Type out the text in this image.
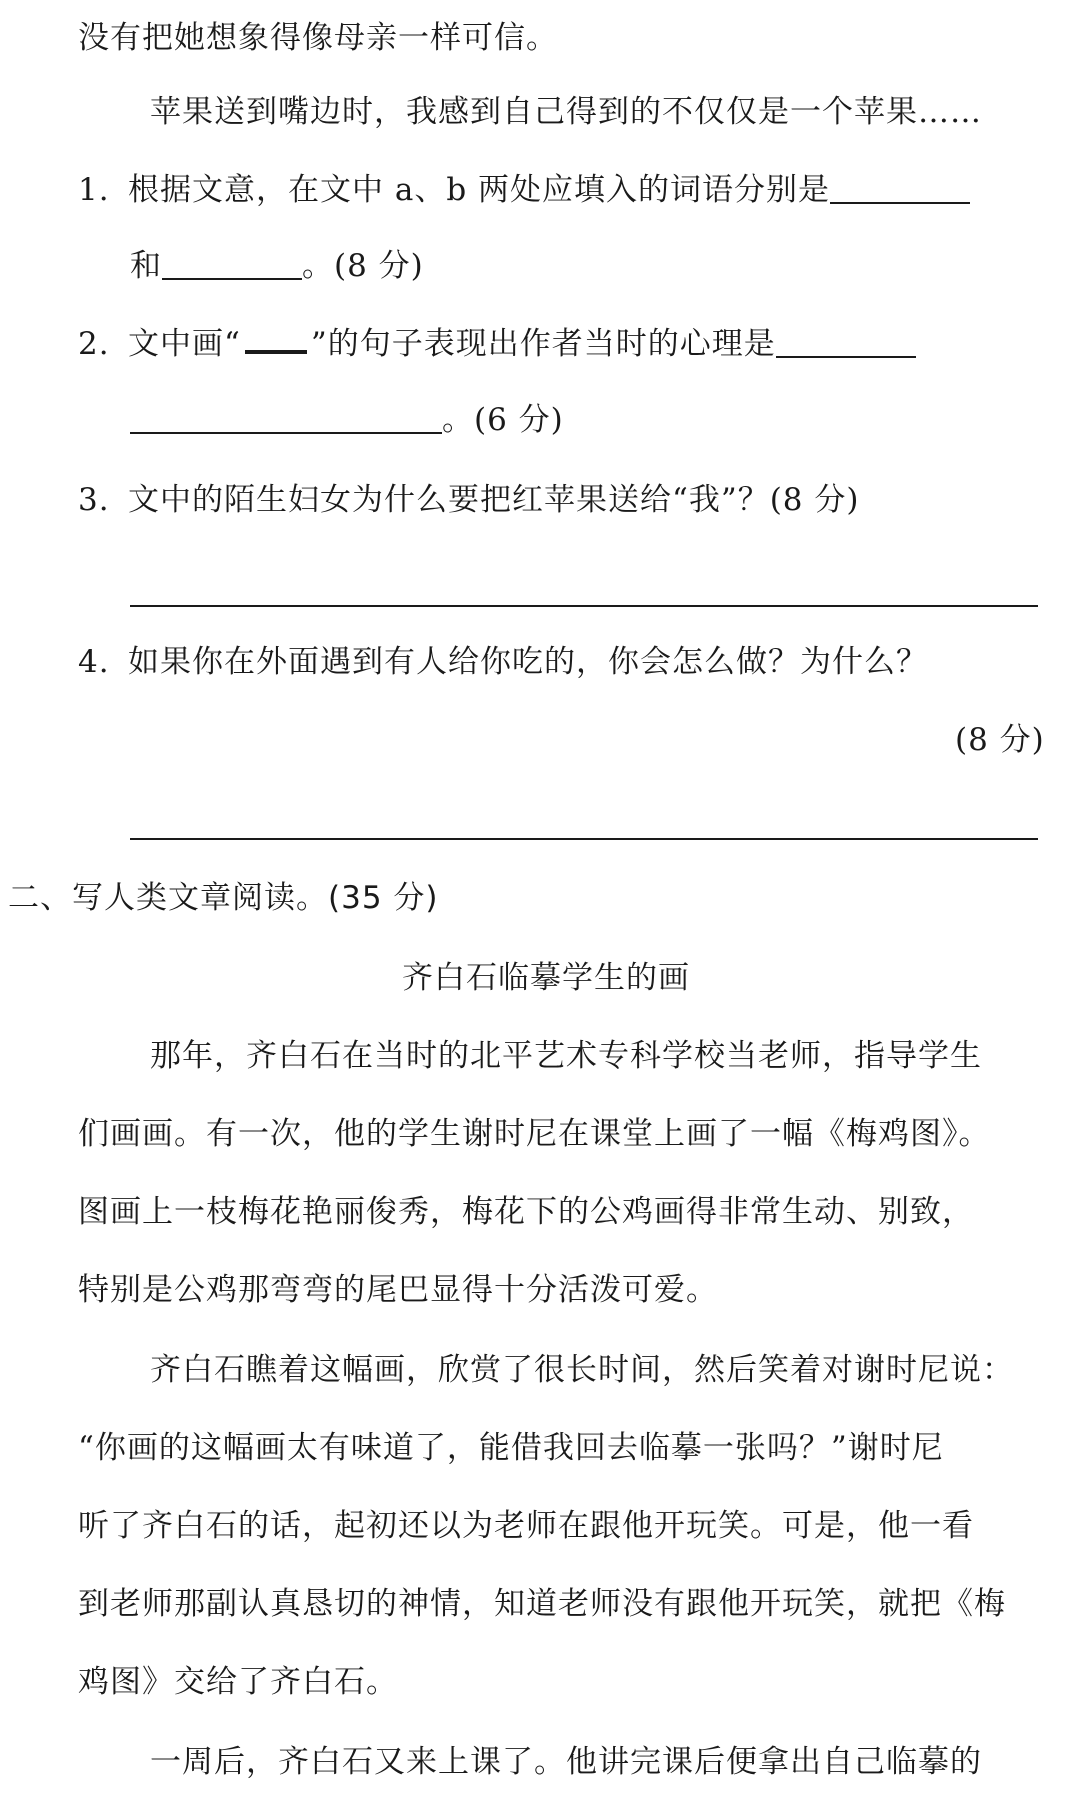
没有把她想象得像母亲一样可信。
苹果送到嘴边时，我感到自己得到的不仅仅是一个苹果……
1. 根据文意，在文中 a、b 两处应填入的词语分别是
和	。(8 分)
2. 文中画“ ”的句子表现出作者当时的心理是
。(6 分)
3. 文中的陌生妇女为什么要把红苹果送给“我”？(8 分)
4. 如果你在外面遇到有人给你吃的，你会怎么做？为什么？
(8 分)
二、写人类文章阅读。(35 分)
齐白石临摹学生的画
那年，齐白石在当时的北平艺术专科学校当老师，指导学生
们画画。有一次，他的学生谢时尼在课堂上画了一幅《梅鸡图》。
图画上一枝梅花艳丽俊秀，梅花下的公鸡画得非常生动、别致，
特别是公鸡那弯弯的尾巴显得十分活泼可爱。
齐白石瞧着这幅画，欣赏了很长时间，然后笑着对谢时尼说：
“你画的这幅画太有味道了，能借我回去临摹一张吗？”谢时尼
听了齐白石的话，起初还以为老师在跟他开玩笑。可是，他一看
到老师那副认真恳切的神情，知道老师没有跟他开玩笑，就把《梅
鸡图》交给了齐白石。
一周后，齐白石又来上课了。他讲完课后便拿出自己临摹的
